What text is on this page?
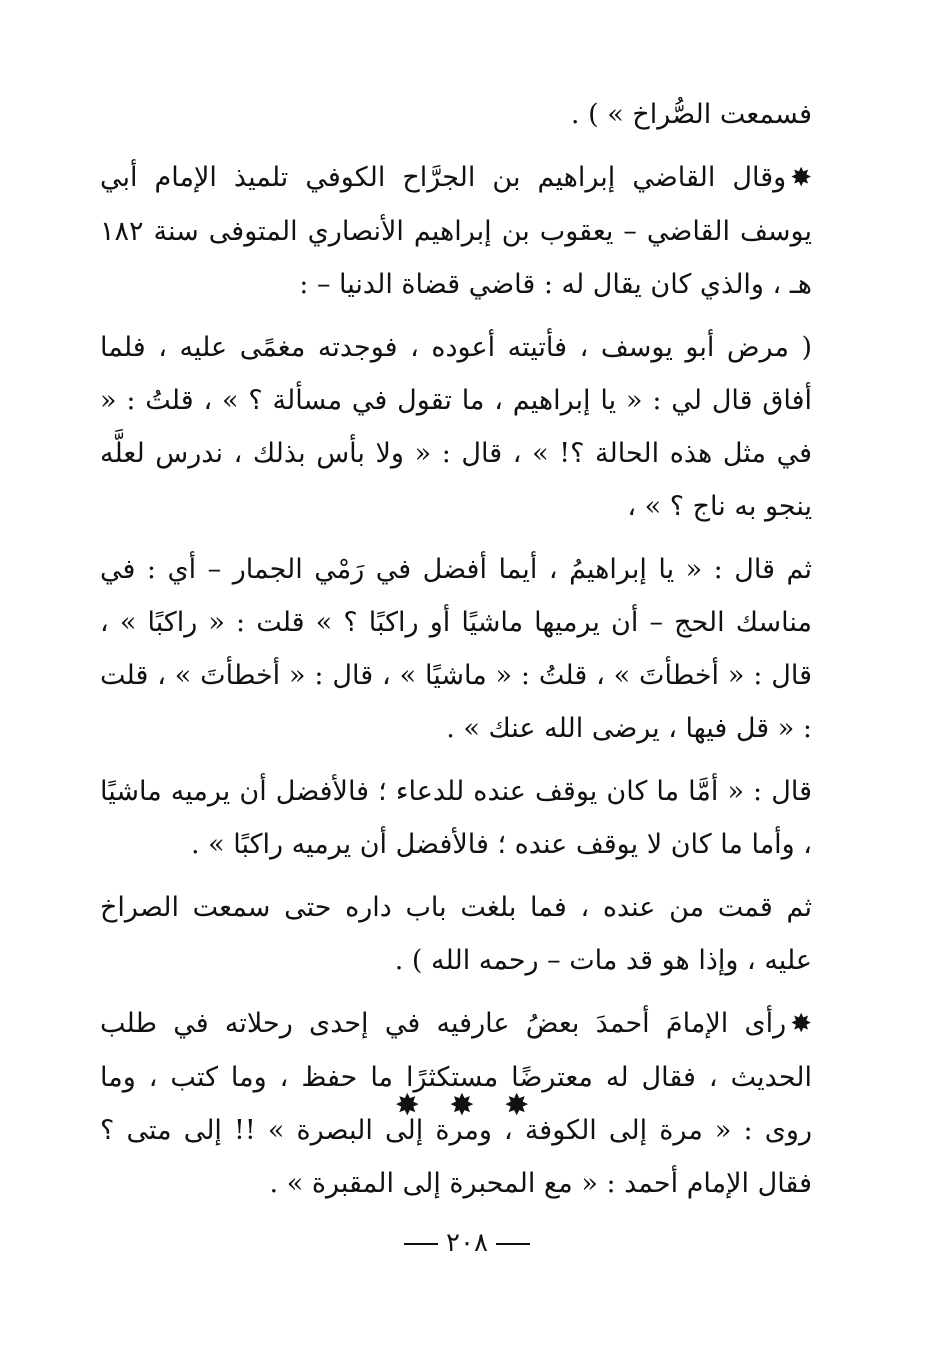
فسمعت الصُّراخ » ) .

✸وقال القاضي إبراهيم بن الجرَّاح الكوفي تلميذ الإمام أبي يوسف القاضي – يعقوب بن إبراهيم الأنصاري المتوفى سنة ١٨٢ هـ ، والذي كان يقال له : قاضي قضاة الدنيا – :

( مرض أبو يوسف ، فأتيته أعوده ، فوجدته مغمًى عليه ، فلما أفاق قال لي : « يا إبراهيم ، ما تقول في مسألة ؟ » ، قلتُ : « في مثل هذه الحالة ؟! » ، قال : « ولا بأس بذلك ، ندرس لعلَّه ينجو به ناج ؟ » ،

ثم قال : « يا إبراهيمُ ، أيما أفضل في رَمْي الجمار – أي : في مناسك الحج – أن يرميها ماشيًا أو راكبًا ؟ » قلت : « راكبًا » ، قال : « أخطأتَ » ، قلتُ : « ماشيًا » ، قال : « أخطأتَ » ، قلت : « قل فيها ، يرضى الله عنك » .

قال : « أمَّا ما كان يوقف عنده للدعاء ؛ فالأفضل أن يرميه ماشيًا ، وأما ما كان لا يوقف عنده ؛ فالأفضل أن يرميه راكبًا » .

ثم قمت من عنده ، فما بلغت باب داره حتى سمعت الصراخ عليه ، وإذا هو قد مات – رحمه الله ) .

✸رأى الإمامَ أحمدَ بعضُ عارفيه في إحدى رحلاته في طلب الحديث ، فقال له معترضًا مستكثرًا ما حفظ ، وما كتب ، وما روى : « مرة إلى الكوفة ، ومرة إلى البصرة » !! إلى متى ؟ فقال الإمام أحمد : « مع المحبرة إلى المقبرة » .

✸ ✸ ✸
٢٠٨
